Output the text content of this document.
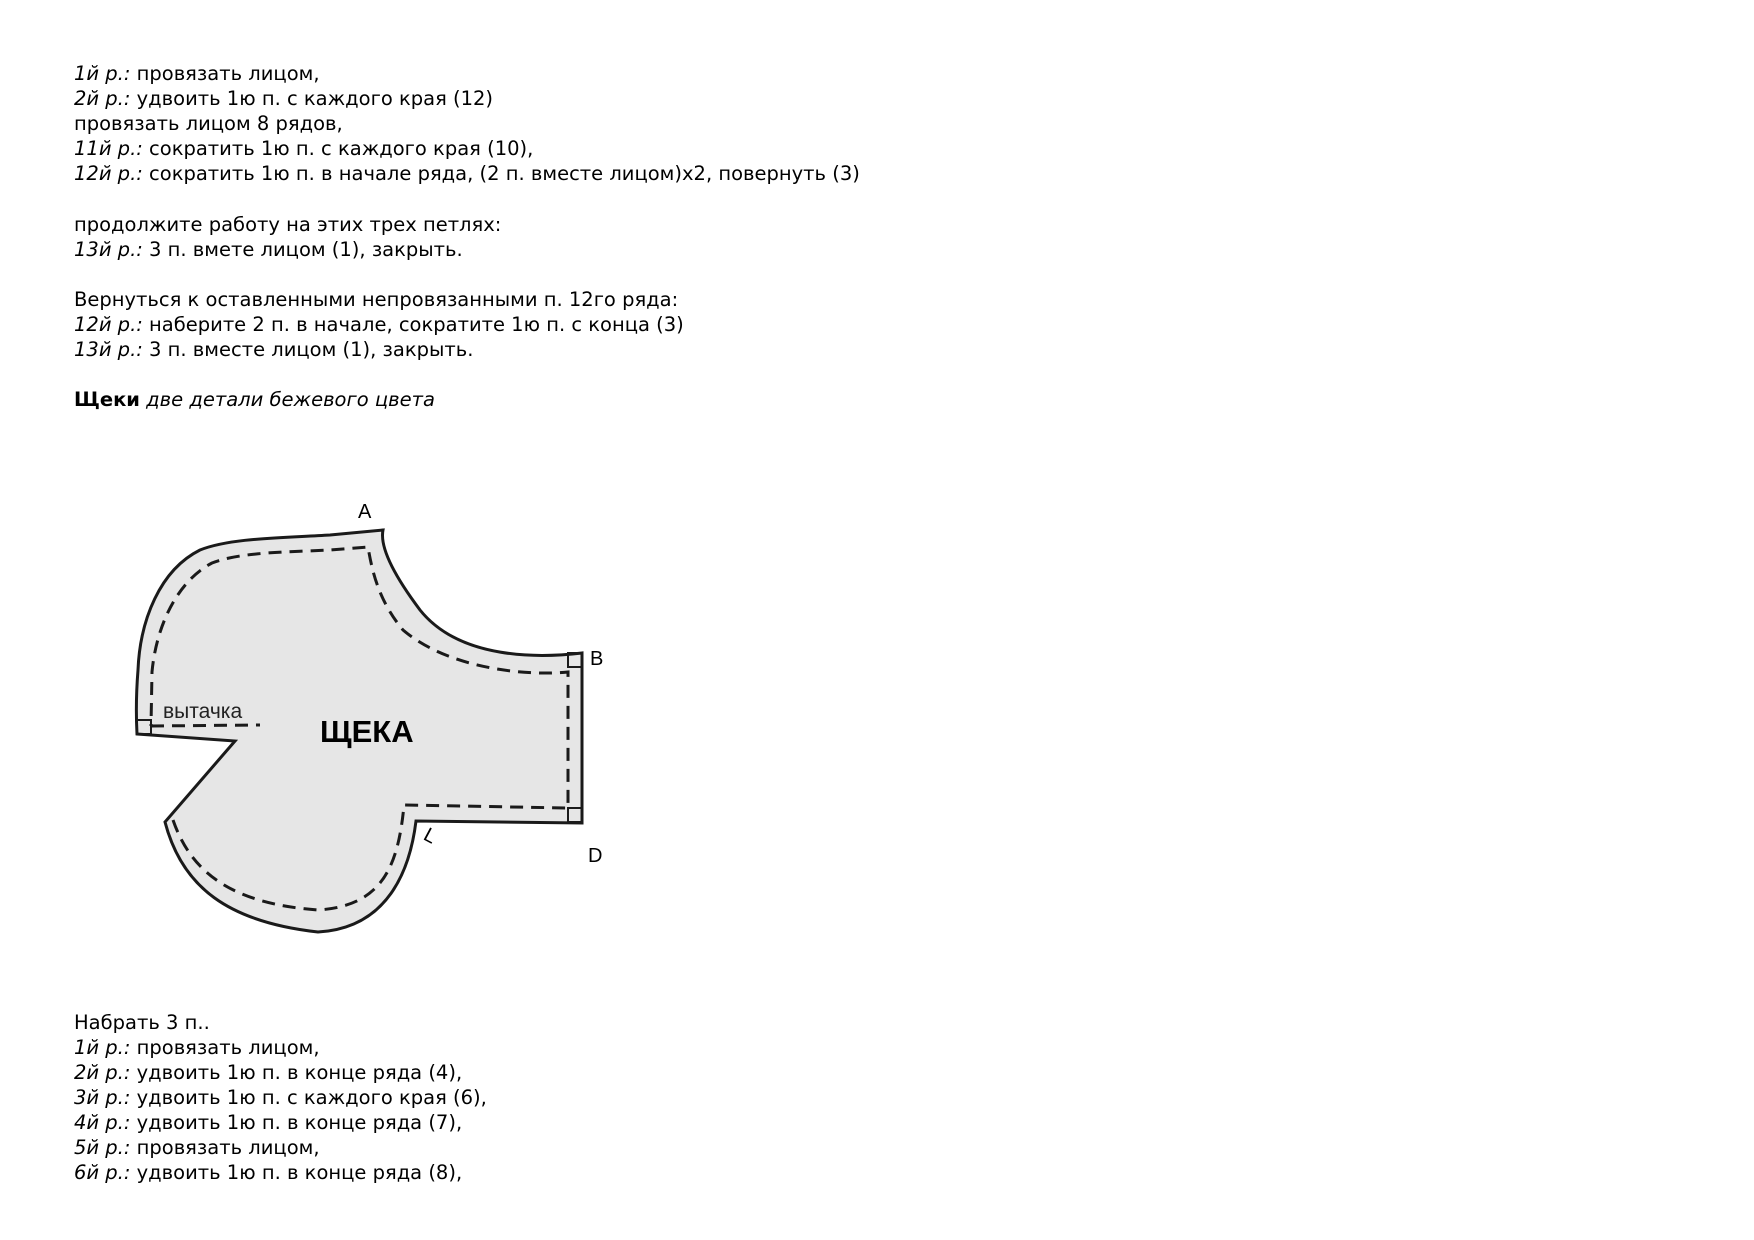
1й р.: провязать лицом,
2й р.: удвоить 1ю п. с каждого края (12)
провязать лицом 8 рядов,
11й р.: сократить 1ю п. с каждого края (10),
12й р.: сократить 1ю п. в начале ряда, (2 п. вместе лицом)x2, повернуть (3)
продолжите работу на этих трех петлях:
13й р.: 3 п. вмете лицом (1), закрыть.
Вернуться к оставленными непровязанными п. 12го ряда:
12й р.: наберите 2 п. в начале, сократите 1ю п. с конца (3)
13й р.: 3 п. вместе лицом (1), закрыть.
Щеки две детали бежевого цвета
вытачка
ЩЕКА
A
B
D
L
Набрать 3 п..
1й р.: провязать лицом,
2й р.: удвоить 1ю п. в конце ряда (4),
3й р.: удвоить 1ю п. с каждого края (6),
4й р.: удвоить 1ю п. в конце ряда (7),
5й р.: провязать лицом,
6й р.: удвоить 1ю п. в конце ряда (8),
